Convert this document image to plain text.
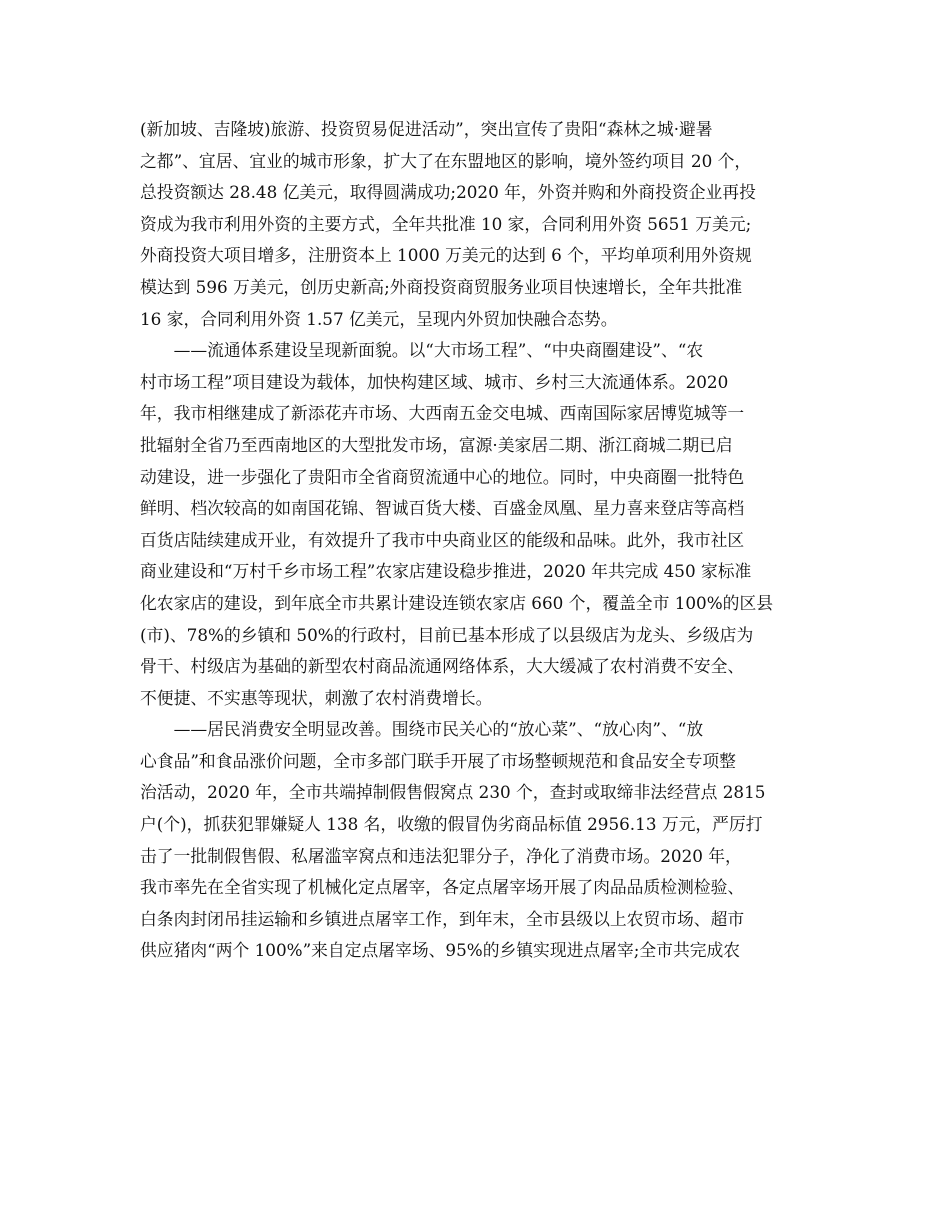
(新加坡、吉隆坡)旅游、投资贸易促进活动”，突出宣传了贵阳“森林之城·避暑
之都”、宜居、宜业的城市形象，扩大了在东盟地区的影响，境外签约项目 20 个，
总投资额达 28.48 亿美元，取得圆满成功;2020 年，外资并购和外商投资企业再投
资成为我市利用外资的主要方式，全年共批准 10 家，合同利用外资 5651 万美元;
外商投资大项目增多，注册资本上 1000 万美元的达到 6 个，平均单项利用外资规
模达到 596 万美元，创历史新高;外商投资商贸服务业项目快速增长，全年共批准
16 家，合同利用外资 1.57 亿美元，呈现内外贸加快融合态势。
　　——流通体系建设呈现新面貌。以“大市场工程”、“中央商圈建设”、“农
村市场工程”项目建设为载体，加快构建区域、城市、乡村三大流通体系。2020
年，我市相继建成了新添花卉市场、大西南五金交电城、西南国际家居博览城等一
批辐射全省乃至西南地区的大型批发市场，富源·美家居二期、浙江商城二期已启
动建设，进一步强化了贵阳市全省商贸流通中心的地位。同时，中央商圈一批特色
鲜明、档次较高的如南国花锦、智诚百货大楼、百盛金凤凰、星力喜来登店等高档
百货店陆续建成开业，有效提升了我市中央商业区的能级和品味。此外，我市社区
商业建设和“万村千乡市场工程”农家店建设稳步推进，2020 年共完成 450 家标准
化农家店的建设，到年底全市共累计建设连锁农家店 660 个，覆盖全市 100%的区县
(市)、78%的乡镇和 50%的行政村，目前已基本形成了以县级店为龙头、乡级店为
骨干、村级店为基础的新型农村商品流通网络体系，大大缓减了农村消费不安全、
不便捷、不实惠等现状，刺激了农村消费增长。
　　——居民消费安全明显改善。围绕市民关心的“放心菜”、“放心肉”、“放
心食品”和食品涨价问题，全市多部门联手开展了市场整顿规范和食品安全专项整
治活动，2020 年，全市共端掉制假售假窝点 230 个，查封或取缔非法经营点 2815
户(个)，抓获犯罪嫌疑人 138 名，收缴的假冒伪劣商品标值 2956.13 万元，严厉打
击了一批制假售假、私屠滥宰窝点和违法犯罪分子，净化了消费市场。2020 年，
我市率先在全省实现了机械化定点屠宰，各定点屠宰场开展了肉品品质检测检验、
白条肉封闭吊挂运输和乡镇进点屠宰工作，到年末，全市县级以上农贸市场、超市
供应猪肉“两个 100%”来自定点屠宰场、95%的乡镇实现进点屠宰;全市共完成农
